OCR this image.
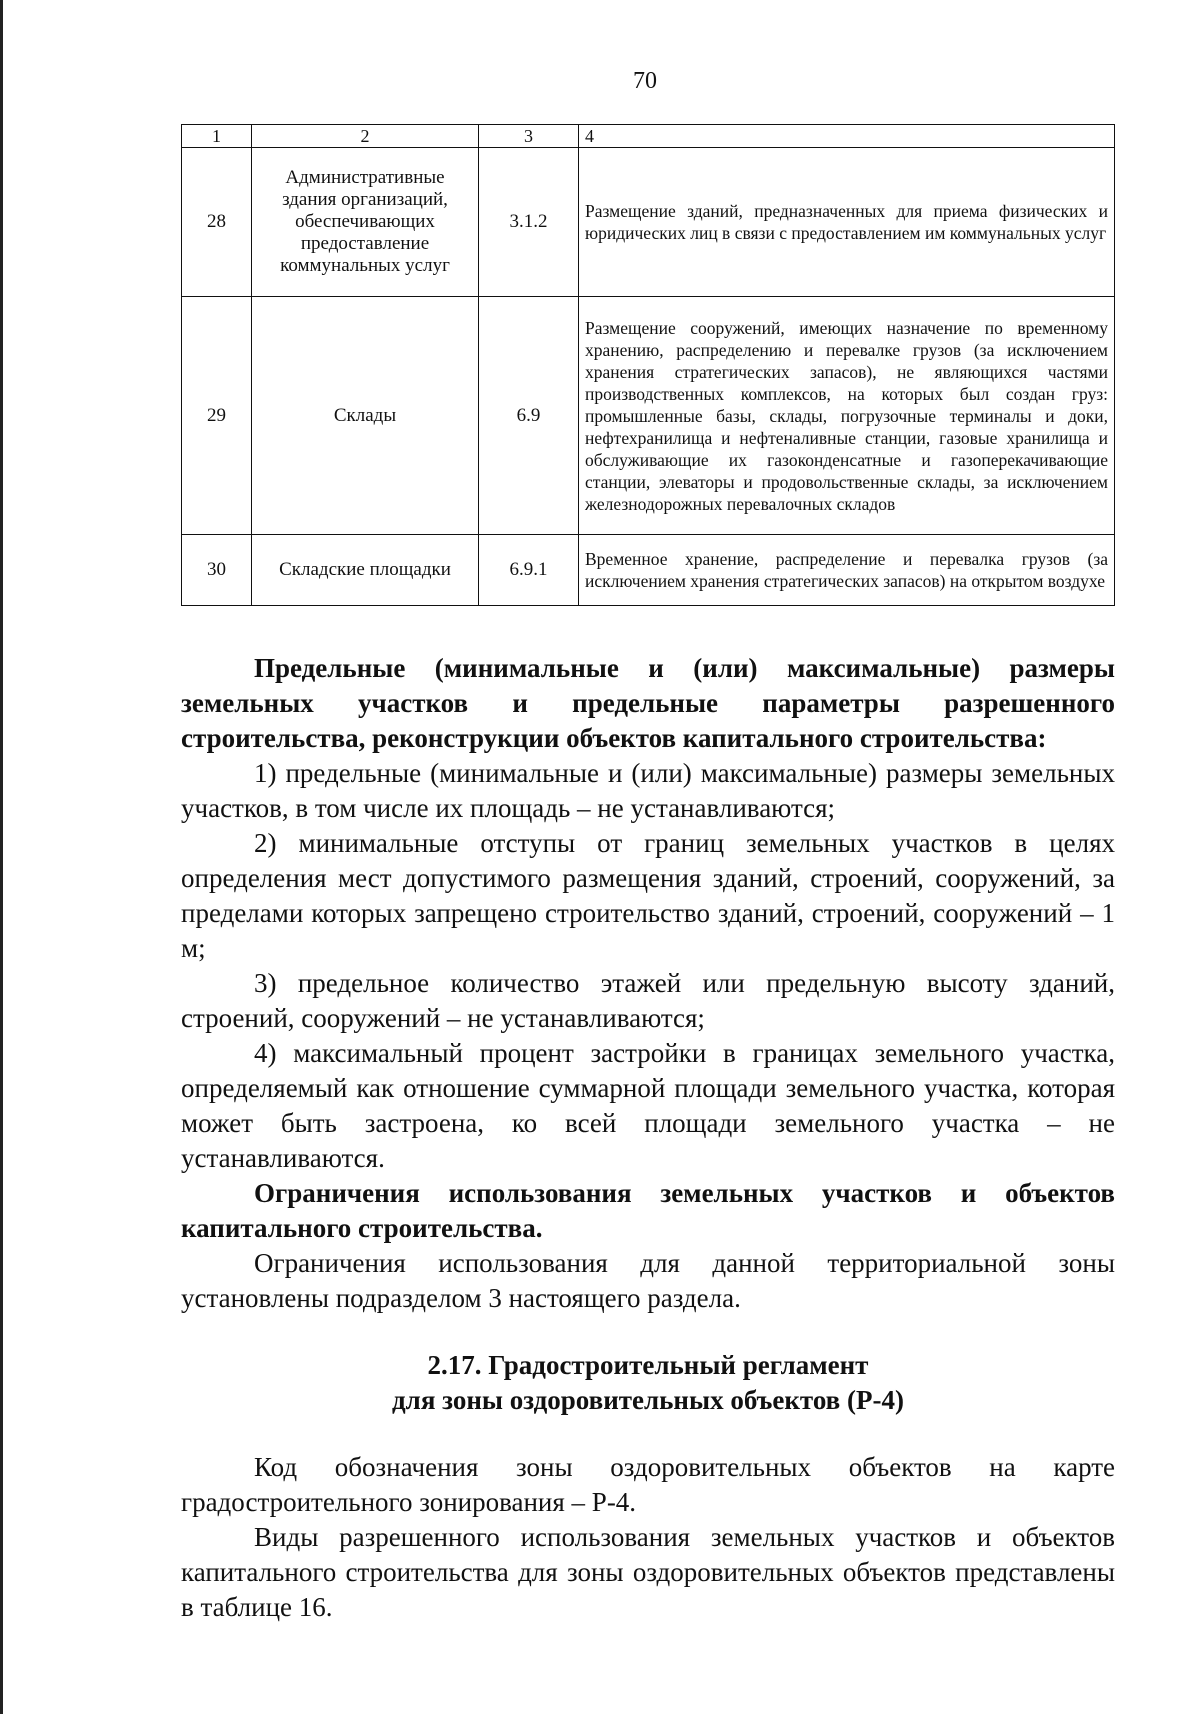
70
1	2	3	4
28	Административные здания организаций, обеспечивающих предоставление коммунальных услуг	3.1.2	Размещение зданий, предназначенных для приема физических и юридических лиц в связи с предоставлением им коммунальных услуг
29	Склады	6.9	Размещение сооружений, имеющих назначение по временному хранению, распределению и перевалке грузов (за исключением хранения стратегических запасов), не являющихся частями производственных комплексов, на которых был создан груз: промышленные базы, склады, погрузочные терминалы и доки, нефтехранилища и нефтеналивные станции, газовые хранилища и обслуживающие их газоконденсатные и газоперекачивающие станции, элеваторы и продовольственные склады, за исключением железнодорожных перевалочных складов
30	Складские площадки	6.9.1	Временное хранение, распределение и перевалка грузов (за исключением хранения стратегических запасов) на открытом воздухе

Предельные (минимальные и (или) максимальные) размеры земельных участков и предельные параметры разрешенного строительства, реконструкции объектов капитального строительства:

1) предельные (минимальные и (или) максимальные) размеры земельных участков, в том числе их площадь – не устанавливаются;

2) минимальные отступы от границ земельных участков в целях определения мест допустимого размещения зданий, строений, сооружений, за пределами которых запрещено строительство зданий, строений, сооружений – 1 м;

3) предельное количество этажей или предельную высоту зданий, строений, сооружений – не устанавливаются;

4) максимальный процент застройки в границах земельного участка, определяемый как отношение суммарной площади земельного участка, которая может быть застроена, ко всей площади земельного участка – не устанавливаются.

Ограничения использования земельных участков и объектов капитального строительства.

Ограничения использования для данной территориальной зоны установлены подразделом 3 настоящего раздела.

2.17. Градостроительный регламент

для зоны оздоровительных объектов (Р-4)

Код обозначения зоны оздоровительных объектов на карте градостроительного зонирования – Р-4.

Виды разрешенного использования земельных участков и объектов капитального строительства для зоны оздоровительных объектов представлены в таблице 16.
